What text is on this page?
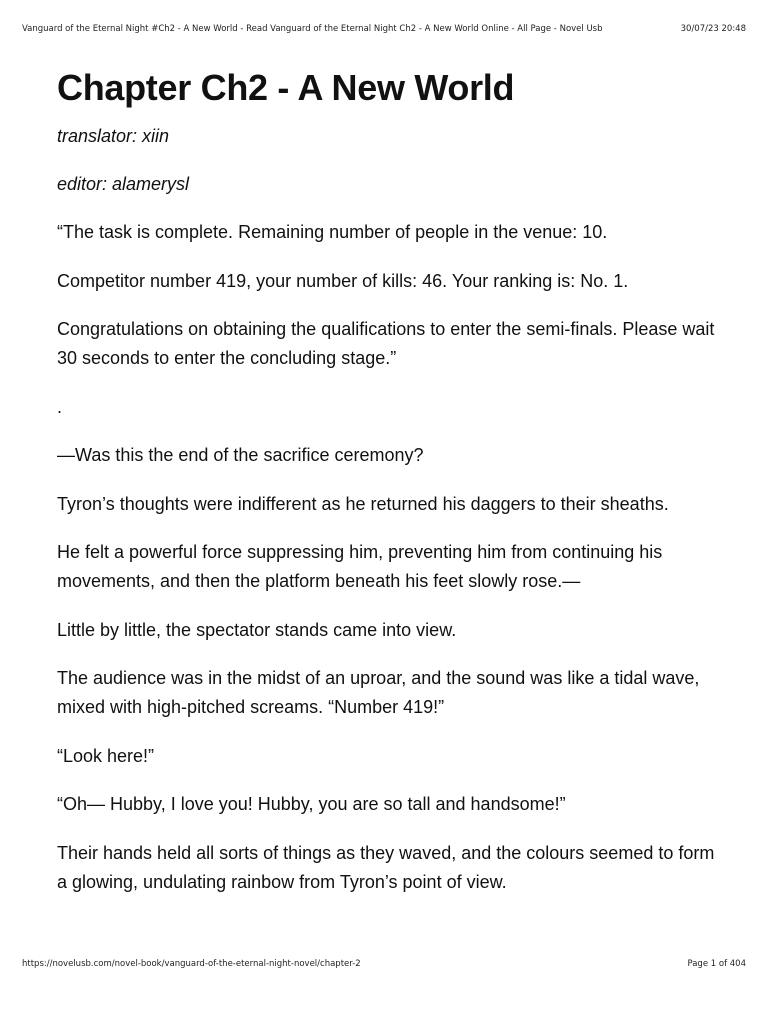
Vanguard of the Eternal Night #Ch2 - A New World - Read Vanguard of the Eternal Night Ch2 - A New World Online - All Page - Novel Usb	30/07/23 20:48
Chapter Ch2 - A New World

translator: xiin

editor: alamerysl

“The task is complete. Remaining number of people in the venue: 10.

Competitor number 419, your number of kills: 46. Your ranking is: No. 1.

Congratulations on obtaining the qualifications to enter the semi-finals. Please wait 30 seconds to enter the concluding stage.”

.

—Was this the end of the sacrifice ceremony?

Tyron’s thoughts were indifferent as he returned his daggers to their sheaths.

He felt a powerful force suppressing him, preventing him from continuing his movements, and then the platform beneath his feet slowly rose.—

Little by little, the spectator stands came into view.

The audience was in the midst of an uproar, and the sound was like a tidal wave, mixed with high-pitched screams. “Number 419!”

“Look here!”

“Oh— Hubby, I love you! Hubby, you are so tall and handsome!”

Their hands held all sorts of things as they waved, and the colours seemed to form a glowing, undulating rainbow from Tyron’s point of view.

https://novelusb.com/novel-book/vanguard-of-the-eternal-night-novel/chapter-2	Page 1 of 404
